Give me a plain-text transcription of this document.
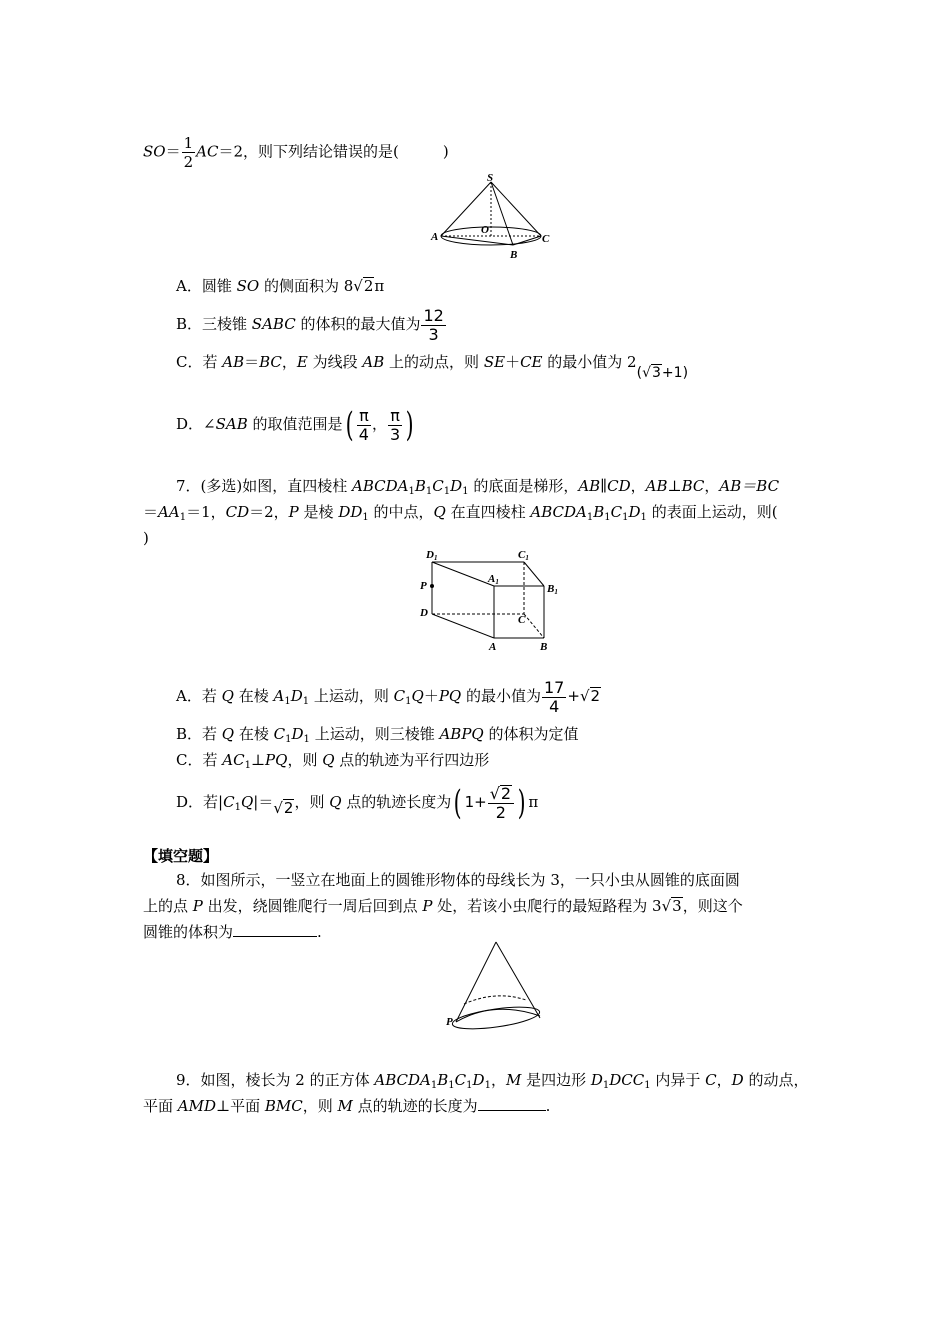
$SO= \frac{1}{2} AC=2$，则下列结论错误的是(	)
S
O
A
B
C
A．圆锥 SO 的侧面积为 8√2π
B．三棱锥 SABC 的体积的最大值为 $\frac{12}{3}$
C．若 AB＝BC，E 为线段 AB 上的动点，则 SE＋CE 的最小值为 2(√3+1)
D．∠SAB 的取值范围是( $\frac{\pi}{4}$ ， $\frac{\pi}{3}$ )
7．(多选)如图，直四棱柱 $ABCDA_1B_1C_1D_1$ 的底面是梯形，AB∥CD，AB⊥BC，AB＝BC
$=AA_1=1$，CD＝2，P 是棱 $DD_1$ 的中点，Q 在直四棱柱 $ABCDA_1B_1C_1D_1$ 的表面上运动，则(
)
D1	C1
A1
B1
P
D
C
A	B
A．若 Q 在棱 $A_1D_1$ 上运动，则 $C_1Q+PQ$ 的最小值为 $\frac{17}{4} +√2$
B．若 Q 在棱 $C_1D_1$ 上运动，则三棱锥 ABPQ 的体积为定值
C．若 $AC_1\perp PQ$，则 Q 点的轨迹为平行四边形
D．若$|C_1Q|=√2$，则 Q 点的轨迹长度为( $1+ \frac{√2}{2}$ ) π
【填空题】
8．如图所示，一竖立在地面上的圆锥形物体的母线长为 3，一只小虫从圆锥的底面圆
上的点 P 出发，绕圆锥爬行一周后回到点 P 处，若该小虫爬行的最短路程为 3√3，则这个
圆锥的体积为	.
P
9．如图，棱长为 2 的正方体 $ABCDA_1B_1C_1D_1$，M 是四边形 $D_1DCC_1$ 内异于 C，D 的动点，
平面 AMD⊥平面 BMC，则 M 点的轨迹的长度为	.
